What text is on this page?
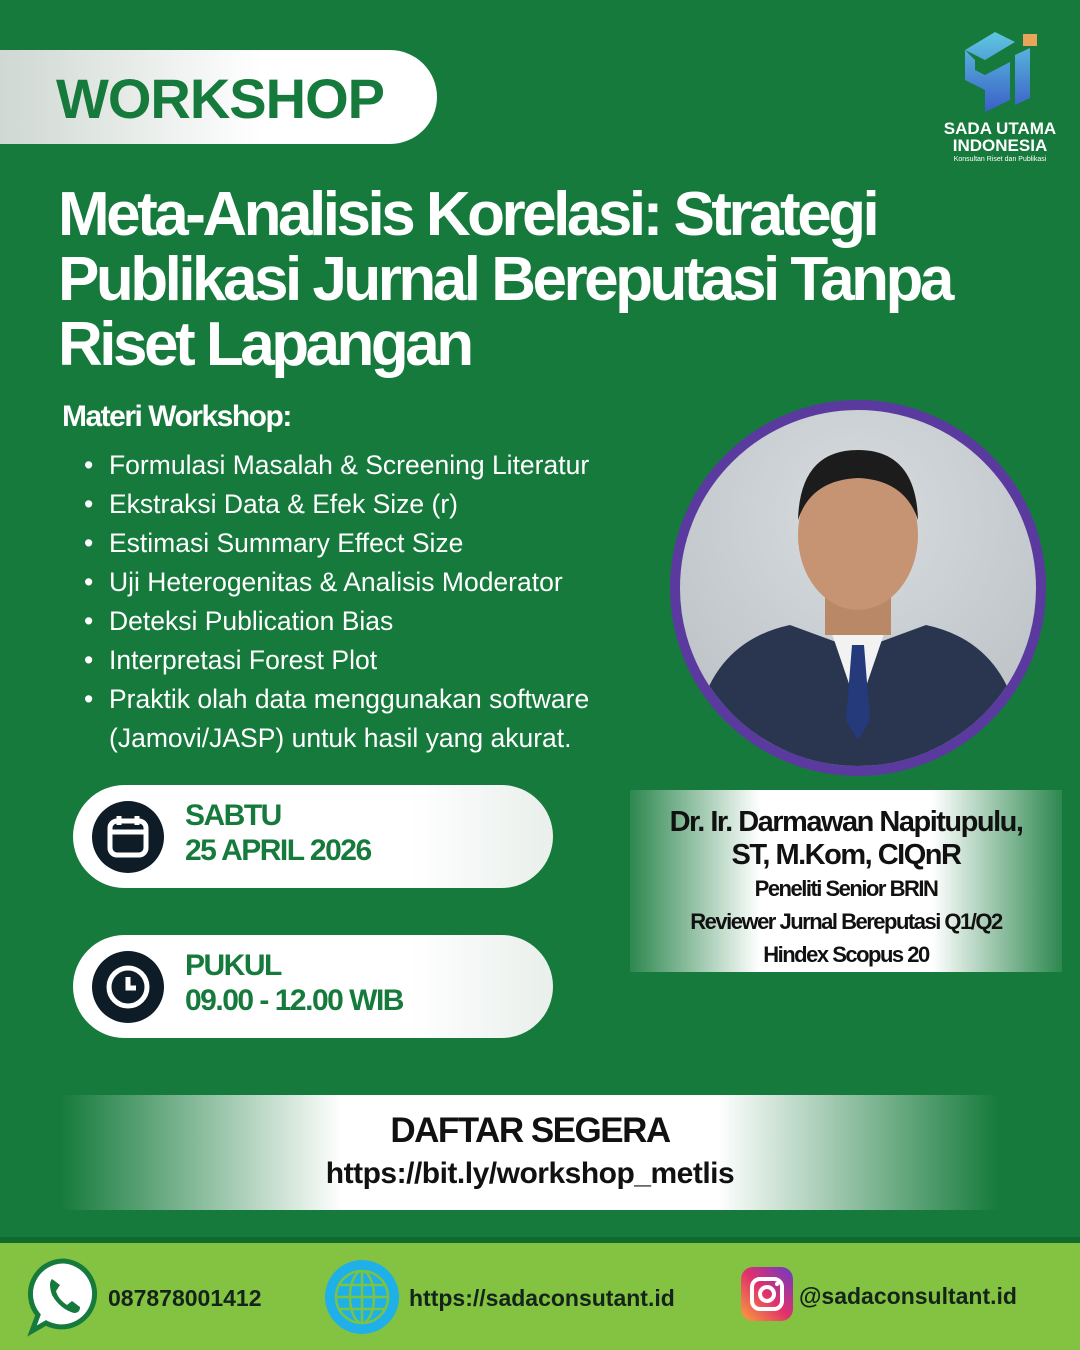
WORKSHOP	SADA UTAMA
INDONESIA
Konsultan Riset dan Publikasi
Meta-Analisis Korelasi: Strategi
Publikasi Jurnal Bereputasi Tanpa
Riset Lapangan
Materi Workshop:
• Formulasi Masalah & Screening Literatur
• Ekstraksi Data & Efek Size (r)
• Estimasi Summary Effect Size
• Uji Heterogenitas & Analisis Moderator
• Deteksi Publication Bias
• Interpretasi Forest Plot
• Praktik olah data menggunakan software (Jamovi/JASP) untuk hasil yang akurat.
SABTU
25 APRIL 2026
PUKUL
09.00 - 12.00 WIB
Dr. Ir. Darmawan Napitupulu,
ST, M.Kom, CIQnR
Peneliti Senior BRIN
Reviewer Jurnal Bereputasi Q1/Q2
Hindex Scopus 20
DAFTAR SEGERA
https://bit.ly/workshop_metlis
087878001412	https://sadaconsutant.id	@sadaconsultant.id
